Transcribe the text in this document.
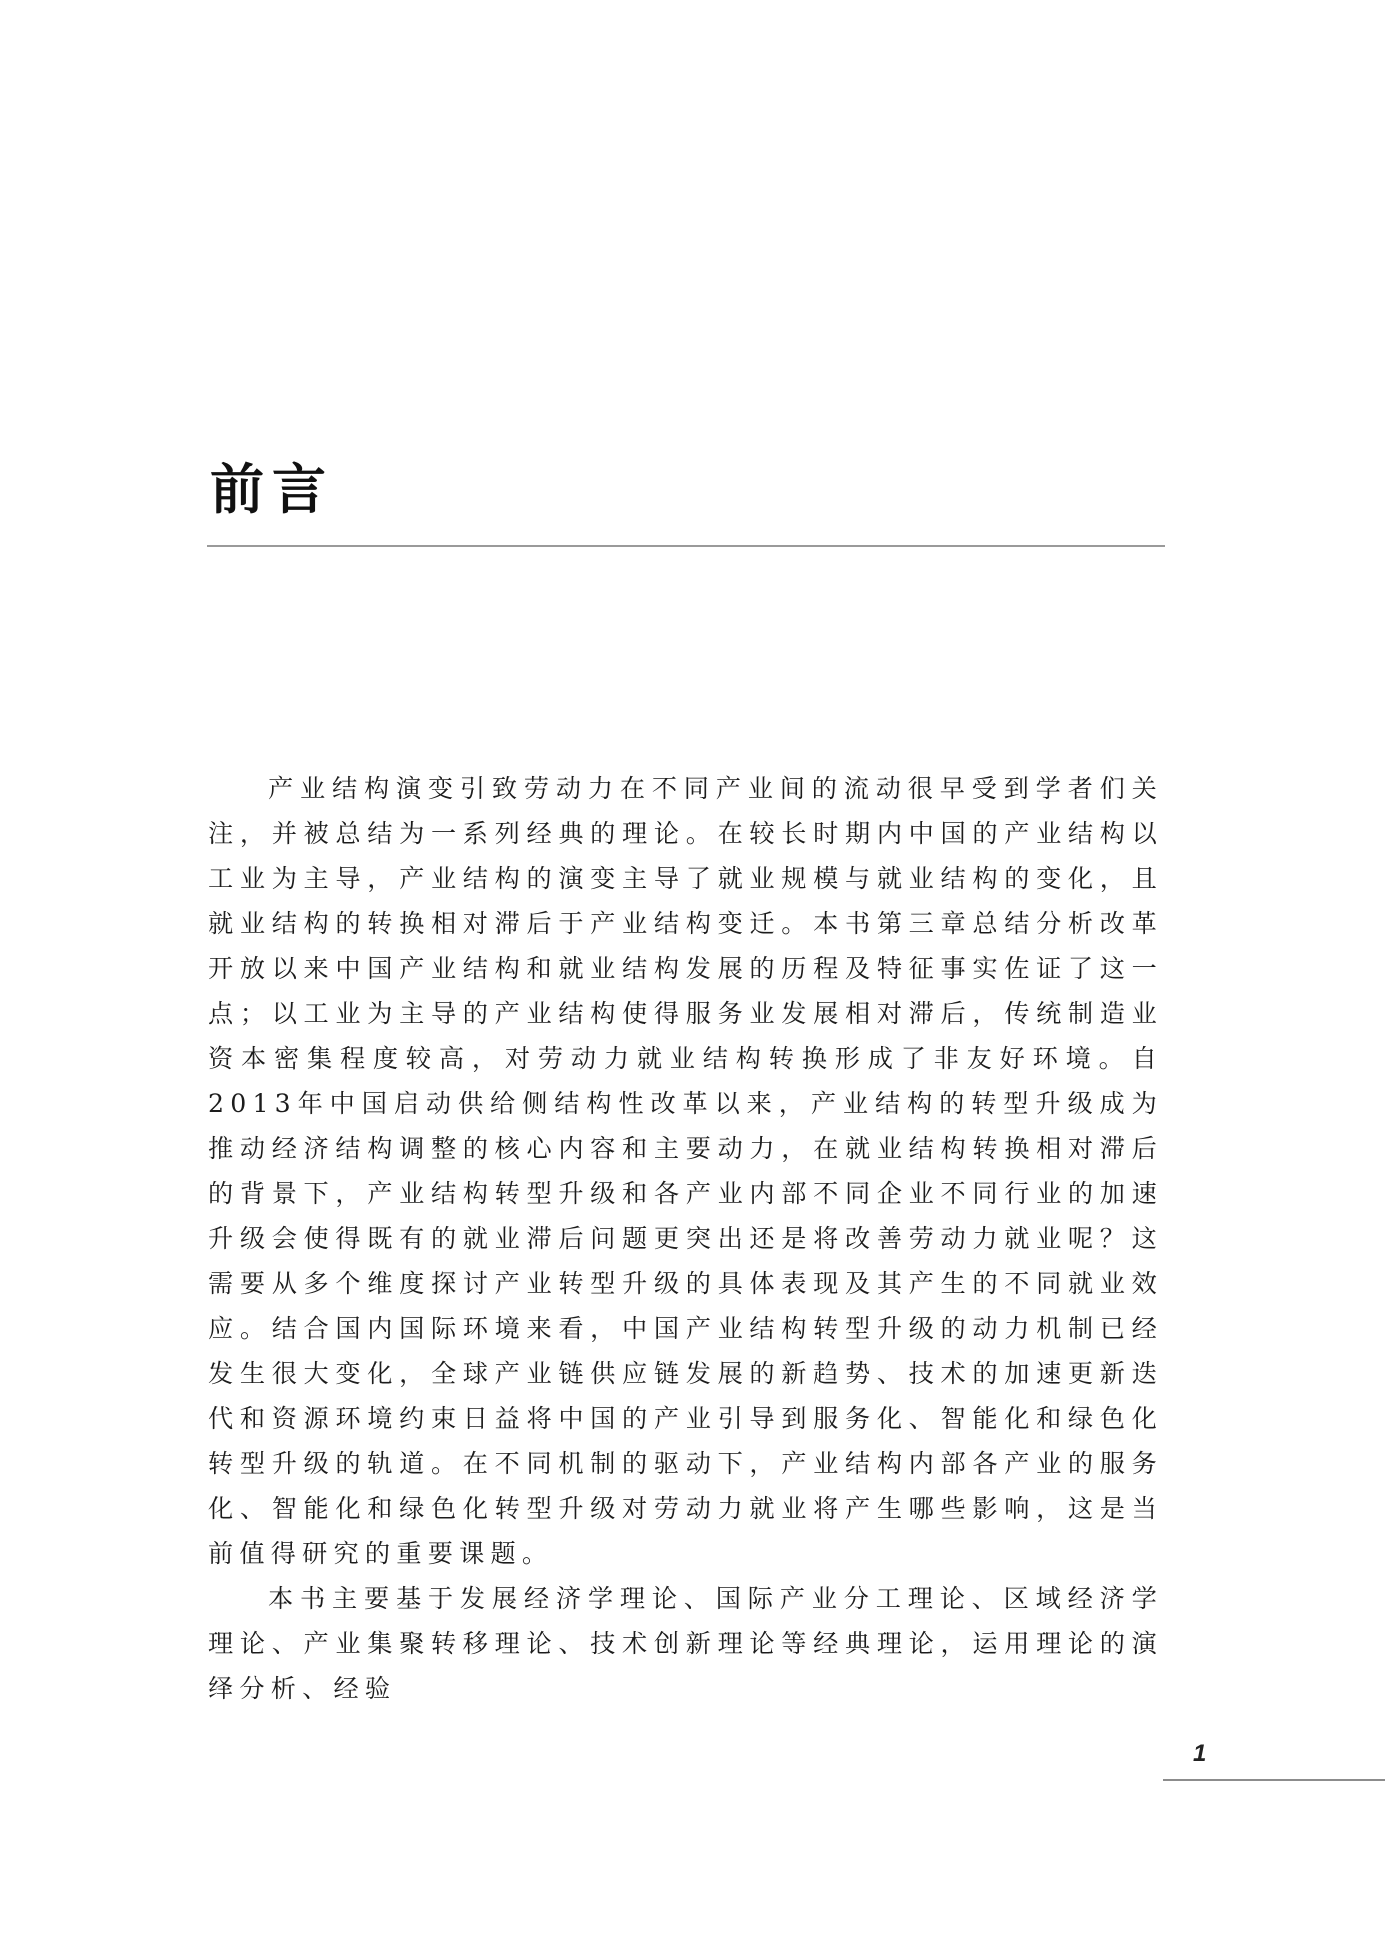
前言

产业结构演变引致劳动力在不同产业间的流动很早受到学者们关注，并被总结为一系列经典的理论。在较长时期内中国的产业结构以工业为主导，产业结构的演变主导了就业规模与就业结构的变化，且就业结构的转换相对滞后于产业结构变迁。本书第三章总结分析改革开放以来中国产业结构和就业结构发展的历程及特征事实佐证了这一点；以工业为主导的产业结构使得服务业发展相对滞后，传统制造业资本密集程度较高，对劳动力就业结构转换形成了非友好环境。自2013年中国启动供给侧结构性改革以来，产业结构的转型升级成为推动经济结构调整的核心内容和主要动力，在就业结构转换相对滞后的背景下，产业结构转型升级和各产业内部不同企业不同行业的加速升级会使得既有的就业滞后问题更突出还是将改善劳动力就业呢？这需要从多个维度探讨产业转型升级的具体表现及其产生的不同就业效应。结合国内国际环境来看，中国产业结构转型升级的动力机制已经发生很大变化，全球产业链供应链发展的新趋势、技术的加速更新迭代和资源环境约束日益将中国的产业引导到服务化、智能化和绿色化转型升级的轨道。在不同机制的驱动下，产业结构内部各产业的服务化、智能化和绿色化转型升级对劳动力就业将产生哪些影响，这是当前值得研究的重要课题。

本书主要基于发展经济学理论、国际产业分工理论、区域经济学理论、产业集聚转移理论、技术创新理论等经典理论，运用理论的演绎分析、经验

1
